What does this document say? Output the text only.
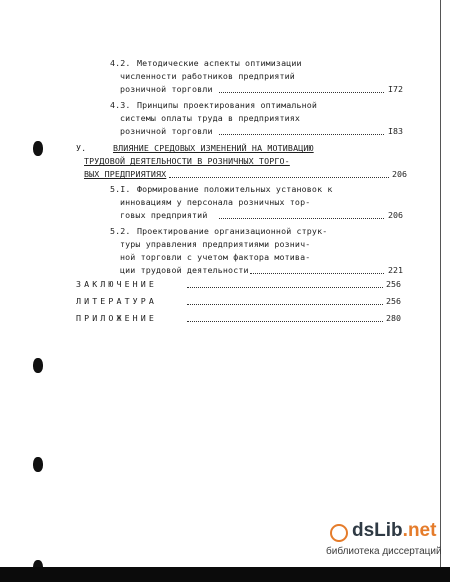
4.2. Методические аспекты оптимизации
численности работников предприятий
розничной торговли	I72
4.3. Принципы проектирования оптимальной
системы оплаты труда в предприятиях
розничной торговли	I83
У.	ВЛИЯНИЕ СРЕДОВЫХ ИЗМЕНЕНИЙ НА МОТИВАЦИЮ
ТРУДОВОЙ ДЕЯТЕЛЬНОСТИ В РОЗНИЧНЫХ ТОРГО-
ВЫХ ПРЕДПРИЯТИЯХ	206
5.I. Формирование положительных установок к
инновациям у персонала розничных тор-
говых предприятий	206
5.2. Проектирование организационной струк-
туры управления предприятиями рознич-
ной торговли с учетом фактора мотива-
ции трудовой деятельности	221
ЗАКЛЮЧЕНИЕ	256
ЛИТЕРАТУРА	256
ПРИЛОЖЕНИЕ	280
dsLib.net
библиотека диссертаций
